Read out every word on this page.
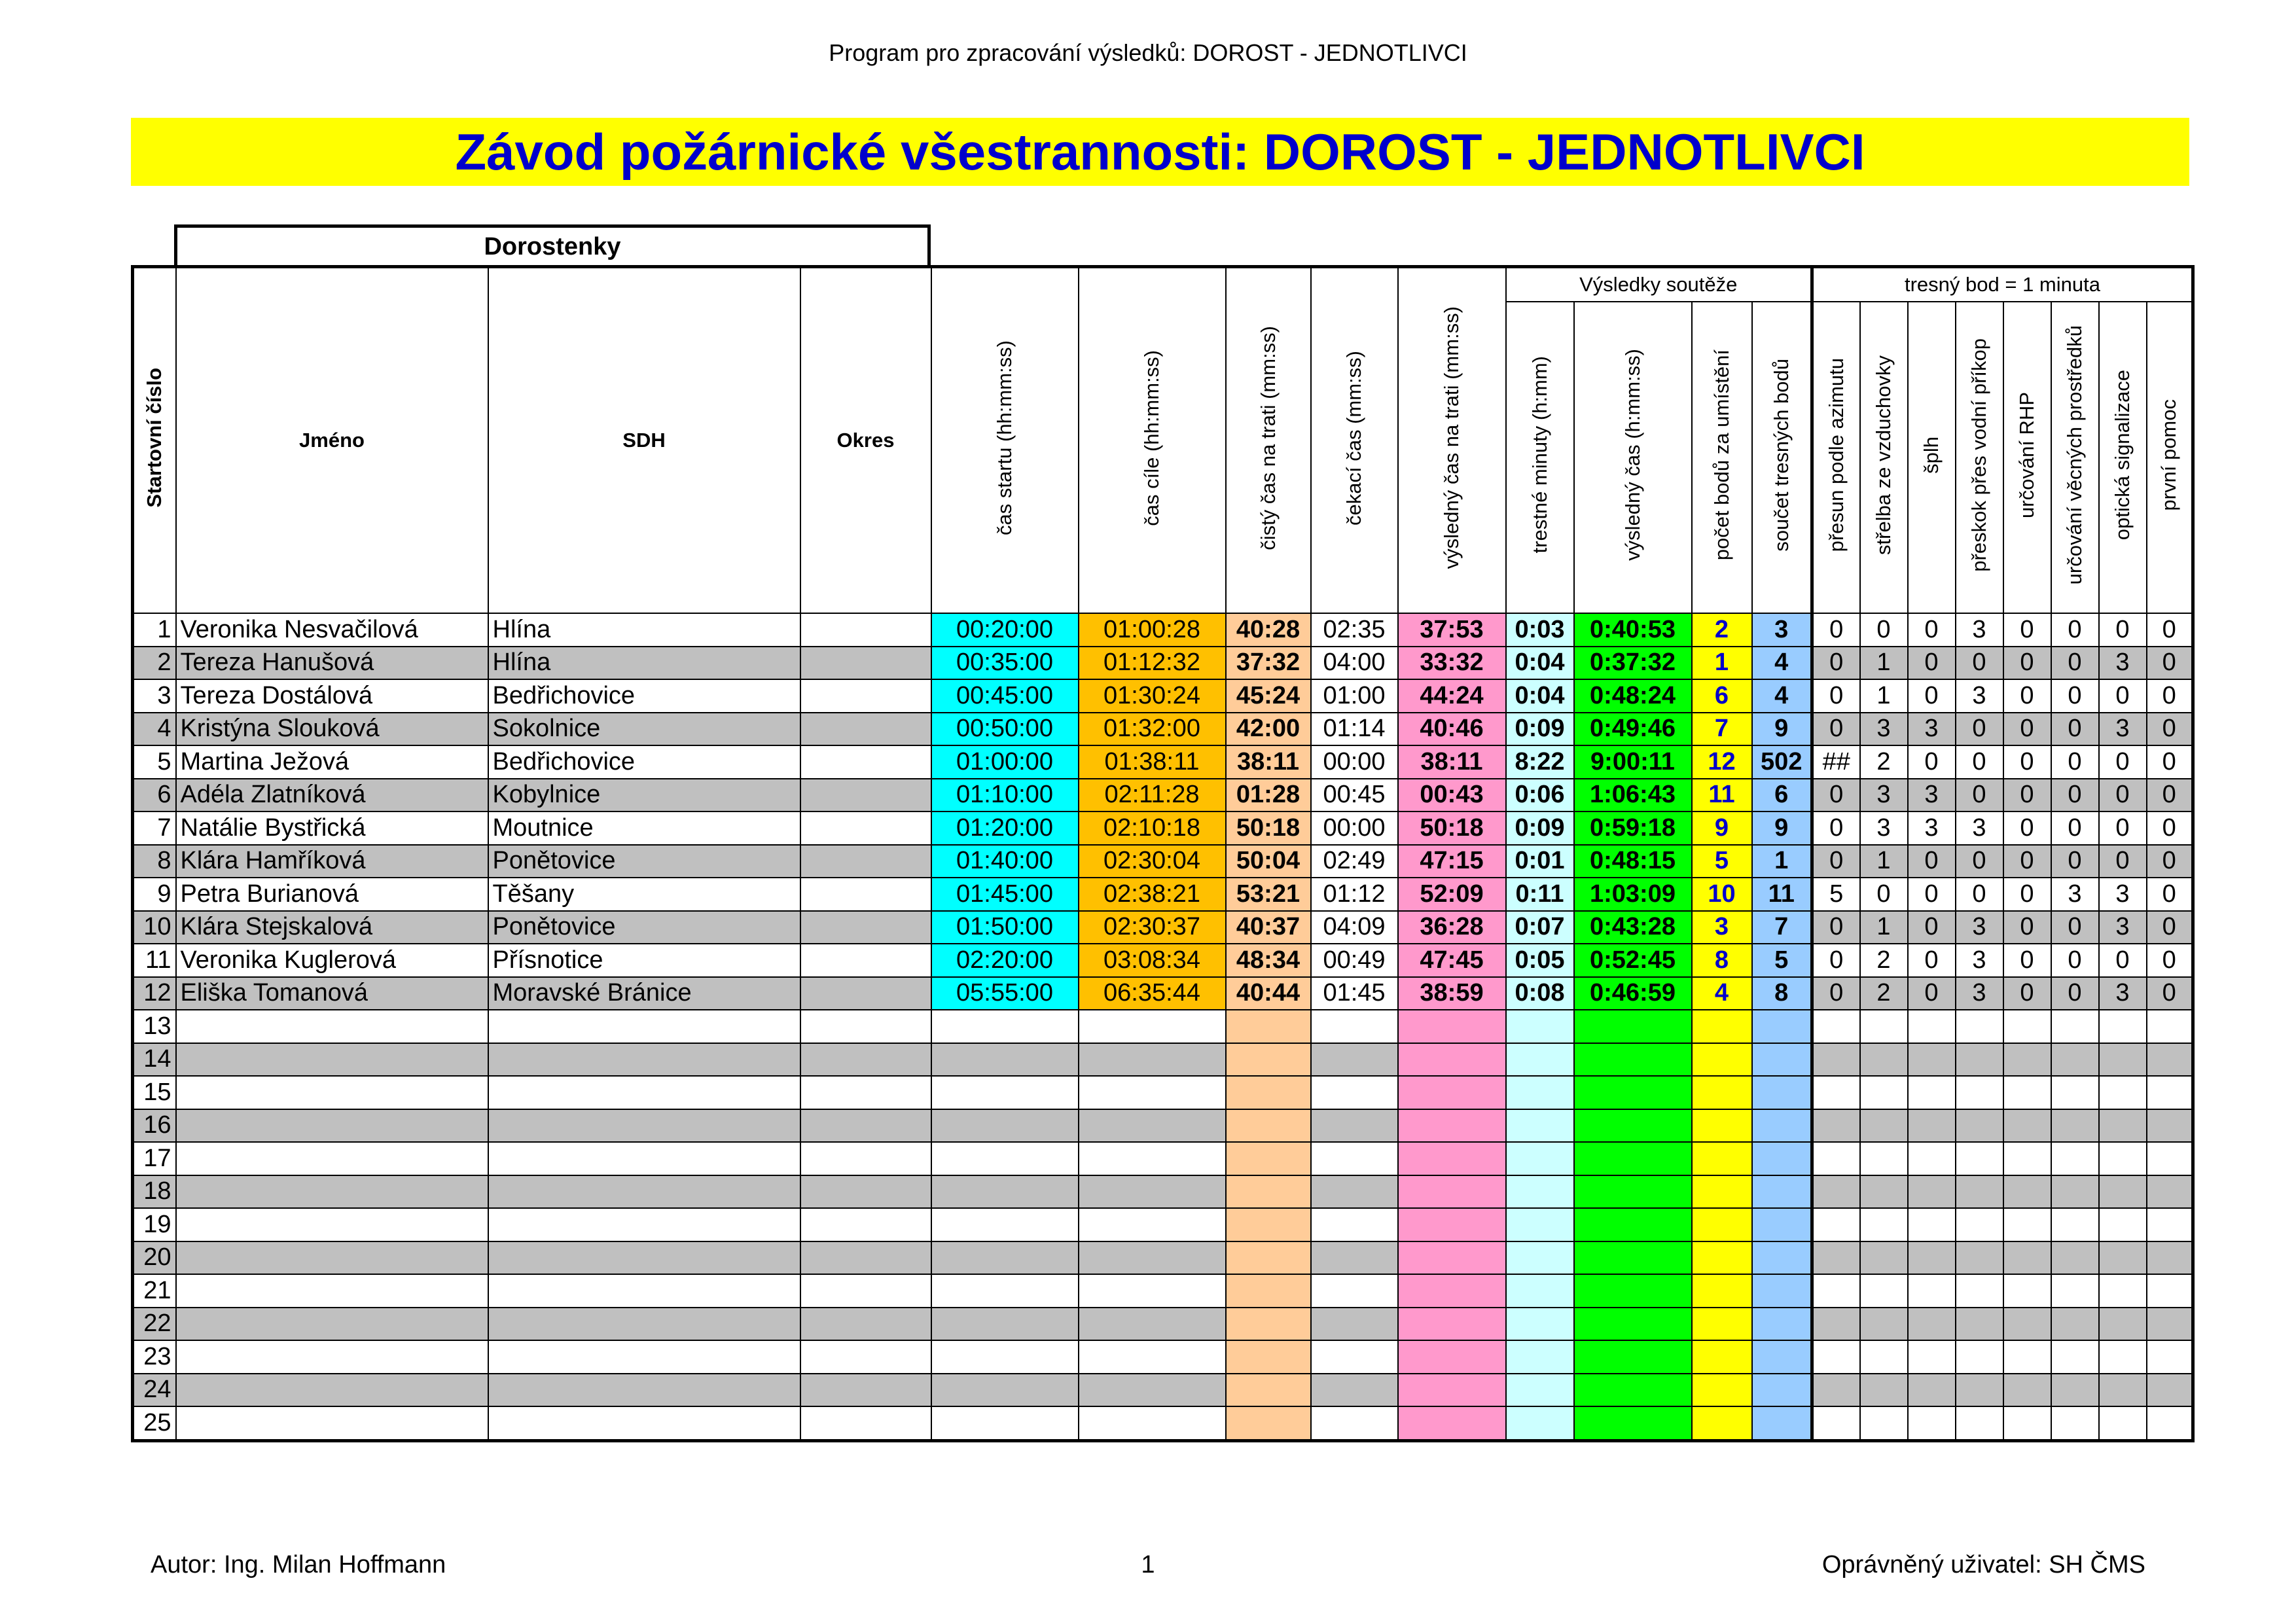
Program pro zpracování výsledků: DOROST - JEDNOTLIVCI
Závod požárnické všestrannosti: DOROST - JEDNOTLIVCI
Dorostenky
Startovní číslo	Jméno	SDH	Okres	čas startu (hh:mm:ss)	čas cíle (hh:mm:ss)	čistý čas na trati (mm:ss)	čekací čas (mm:ss)	výsledný čas na trati (mm:ss)	Výsledky soutěže				tresný bod = 1 minuta							
									trestné minuty (h:mm)	výsledný čas (h:mm:ss)	počet bodů za umístění	součet tresných bodů	přesun podle azimutu	střelba ze vzduchovky	šplh	přeskok přes vodní příkop	určování RHP	určování věcných prostředků	optická signalizace	první pomoc
1	Veronika Nesvačilová	Hlína		00:20:00	01:00:28	40:28	02:35	37:53	0:03	0:40:53	2	3	0	0	0	3	0	0	0	0
2	Tereza Hanušová	Hlína		00:35:00	01:12:32	37:32	04:00	33:32	0:04	0:37:32	1	4	0	1	0	0	0	0	3	0
3	Tereza Dostálová	Bedřichovice		00:45:00	01:30:24	45:24	01:00	44:24	0:04	0:48:24	6	4	0	1	0	3	0	0	0	0
4	Kristýna Slouková	Sokolnice		00:50:00	01:32:00	42:00	01:14	40:46	0:09	0:49:46	7	9	0	3	3	0	0	0	3	0
5	Martina Ježová	Bedřichovice		01:00:00	01:38:11	38:11	00:00	38:11	8:22	9:00:11	12	502	##	2	0	0	0	0	0	0
6	Adéla Zlatníková	Kobylnice		01:10:00	02:11:28	01:28	00:45	00:43	0:06	1:06:43	11	6	0	3	3	0	0	0	0	0
7	Natálie Bystřická	Moutnice		01:20:00	02:10:18	50:18	00:00	50:18	0:09	0:59:18	9	9	0	3	3	3	0	0	0	0
8	Klára Hamříková	Ponětovice		01:40:00	02:30:04	50:04	02:49	47:15	0:01	0:48:15	5	1	0	1	0	0	0	0	0	0
9	Petra Burianová	Těšany		01:45:00	02:38:21	53:21	01:12	52:09	0:11	1:03:09	10	11	5	0	0	0	0	3	3	0
10	Klára Stejskalová	Ponětovice		01:50:00	02:30:37	40:37	04:09	36:28	0:07	0:43:28	3	7	0	1	0	3	0	0	3	0
11	Veronika Kuglerová	Přísnotice		02:20:00	03:08:34	48:34	00:49	47:45	0:05	0:52:45	8	5	0	2	0	3	0	0	0	0
12	Eliška Tomanová	Moravské Bránice		05:55:00	06:35:44	40:44	01:45	38:59	0:08	0:46:59	4	8	0	2	0	3	0	0	3	0
13																				
14																				
15																				
16																				
17																				
18																				
19																				
20																				
21																				
22																				
23																				
24																				
25																				
Autor: Ing. Milan Hoffmann	1	Oprávněný uživatel: SH ČMS
